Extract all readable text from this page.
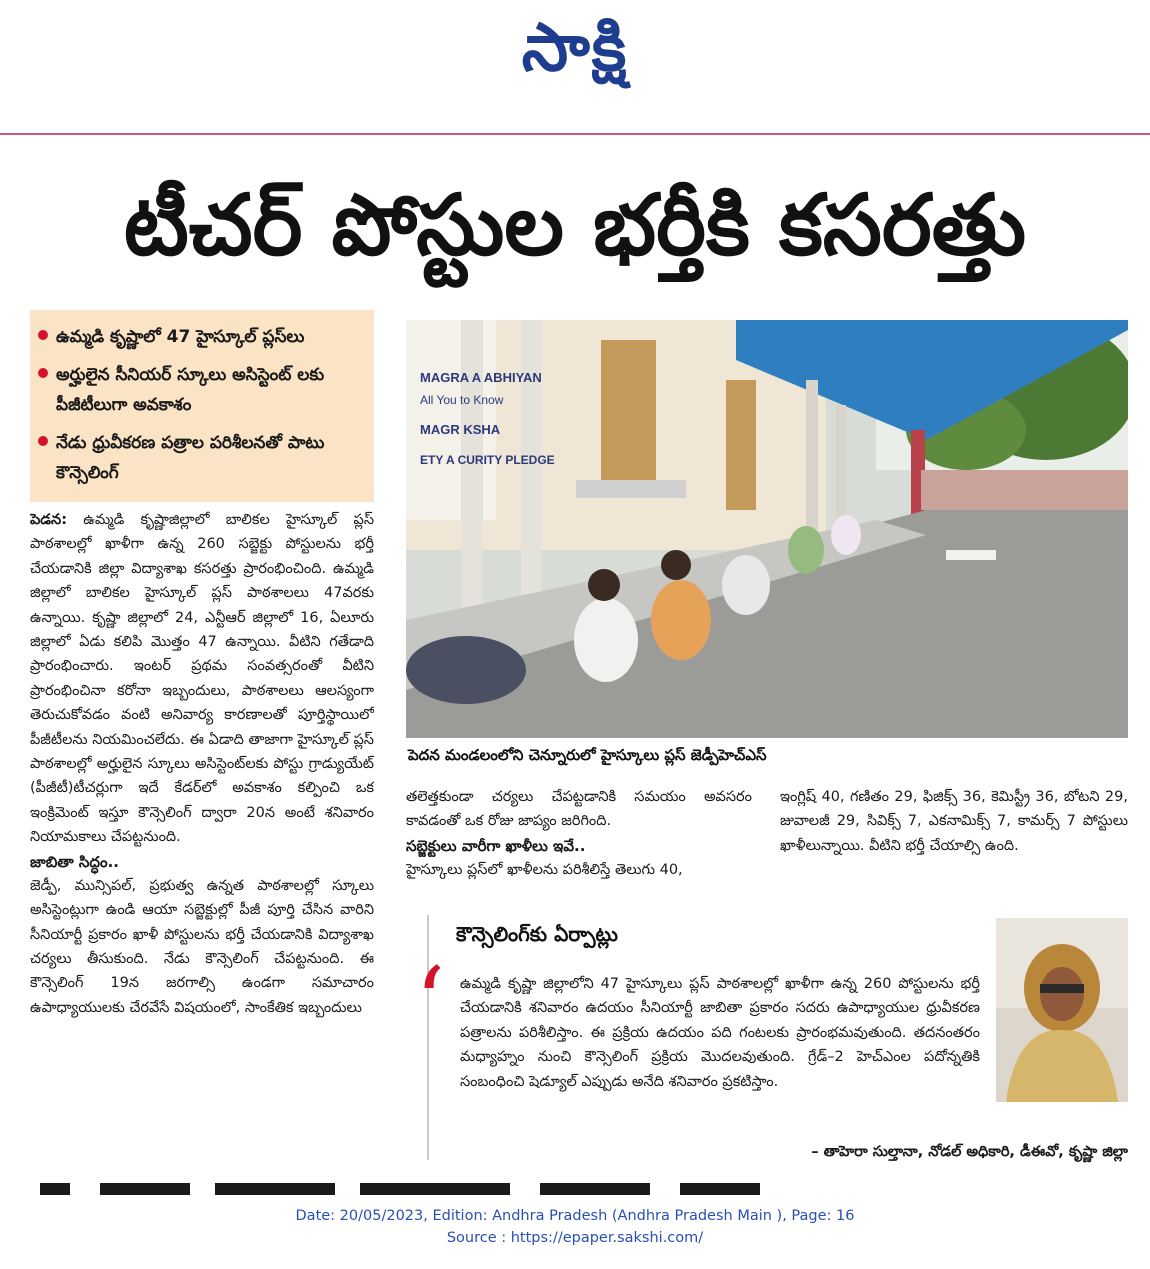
సాక్షి
టీచర్ పోస్టుల భర్తీకి కసరత్తు
ఉమ్మడి కృష్ణాలో 47 హైస్కూల్ ప్లస్‌లు
అర్హులైన సీనియర్ స్కూలు అసిస్టెంట్ లకు పీజీటీలుగా అవకాశం
నేడు ధ్రువీకరణ పత్రాల పరిశీలనతో పాటు కౌన్సెలింగ్
MAGRA A ABHIYAN
All You to Know
MAGR KSHA
ETY A CURITY PLEDGE
పెదన మండలంలోని చెన్నూరులో హైస్కూలు ప్లస్ జెడ్పీహెచ్ఎస్

పెడన: ఉమ్మడి కృష్ణాజిల్లాలో బాలికల హైస్కూల్ ప్లస్ పాఠశాలల్లో ఖాళీగా ఉన్న 260 సబ్జెక్టు పోస్టులను భర్తీ చేయడానికి జిల్లా విద్యాశాఖ కసరత్తు ప్రారంభించింది. ఉమ్మడి జిల్లాలో బాలికల హైస్కూల్ ప్లస్ పాఠశాలలు 47వరకు ఉన్నాయి. కృష్ణా జిల్లాలో 24, ఎన్టీఆర్ జిల్లాలో 16, ఏలూరు జిల్లాలో ఏడు కలిపి మొత్తం 47 ఉన్నాయి. వీటిని గతేడాది ప్రారంభించారు. ఇంటర్ ప్రథమ సంవత్సరంతో వీటిని ప్రారంభించినా కరోనా ఇబ్బందులు, పాఠశాలలు ఆలస్యంగా తెరుచుకోవడం వంటి అనివార్య కారణాలతో పూర్తిస్థాయిలో పీజీటీలను నియమించలేదు. ఈ ఏడాది తాజాగా హైస్కూల్ ప్లస్ పాఠశాలల్లో అర్హులైన స్కూలు అసిస్టెంట్‌లకు పోస్టు గ్రాడ్యుయేట్ (పీజీటీ)టీచర్లుగా ఇదే కేడర్‌లో అవకాశం కల్పించి ఒక ఇంక్రిమెంట్ ఇస్తూ కౌన్సెలింగ్ ద్వారా 20న అంటే శనివారం నియామకాలు చేపట్టనుంది.

జాబితా సిద్ధం..

జెడ్పీ, మున్సిపల్, ప్రభుత్వ ఉన్నత పాఠశాలల్లో స్కూలు అసిస్టెంట్లుగా ఉండి ఆయా సబ్జెక్టుల్లో పీజీ పూర్తి చేసిన వారిని సీనియార్టీ ప్రకారం ఖాళీ పోస్టులను భర్తీ చేయడానికి విద్యాశాఖ చర్యలు తీసుకుంది. నేడు కౌన్సెలింగ్ చేపట్టనుంది. ఈ కౌన్సెలింగ్ 19న జరగాల్సి ఉండగా సమాచారం ఉపాధ్యాయులకు చేరవేసే విషయంలో, సాంకేతిక ఇబ్బందులు

తలెత్తకుండా చర్యలు చేపట్టడానికి సమయం అవసరం కావడంతో ఒక రోజు జాప్యం జరిగింది.

సబ్జెక్టులు వారీగా ఖాళీలు ఇవే..

హైస్కూలు ప్లస్‌లో ఖాళీలను పరిశీలిస్తే తెలుగు 40,

ఇంగ్లిష్ 40, గణితం 29, ఫిజిక్స్ 36, కెమిస్ట్రీ 36, బోటని 29, జువాలజీ 29, సివిక్స్ 7, ఎకనామిక్స్ 7, కామర్స్ 7 పోస్టులు ఖాళీలున్నాయి. వీటిని భర్తీ చేయాల్సి ఉంది.

కౌన్సెలింగ్‌కు ఏర్పాట్లు
‘	ఉమ్మడి కృష్ణా జిల్లాలోని 47 హైస్కూలు ప్లస్ పాఠశాలల్లో ఖాళీగా ఉన్న 260 పోస్టులను భర్తీ చేయడానికి శనివారం ఉదయం సీనియార్టీ జాబితా ప్రకారం సదరు ఉపాధ్యాయుల ధ్రువీకరణ పత్రాలను పరిశీలిస్తాం. ఈ ప్రక్రియ ఉదయం పది గంటలకు ప్రారంభమవుతుంది. తదనంతరం మధ్యాహ్నం నుంచి కౌన్సెలింగ్ ప్రక్రియ మొదలవుతుంది. గ్రేడ్–2 హెచ్ఎంల పదోన్నతికి సంబంధించి షెడ్యూల్ ఎప్పుడు అనేది శనివారం ప్రకటిస్తాం.
– తాహెరా సుల్తానా, నోడల్ అధికారి, డీఈవో, కృష్ణా జిల్లా
Date: 20/05/2023, Edition: Andhra Pradesh (Andhra Pradesh Main ), Page: 16
Source : https://epaper.sakshi.com/
